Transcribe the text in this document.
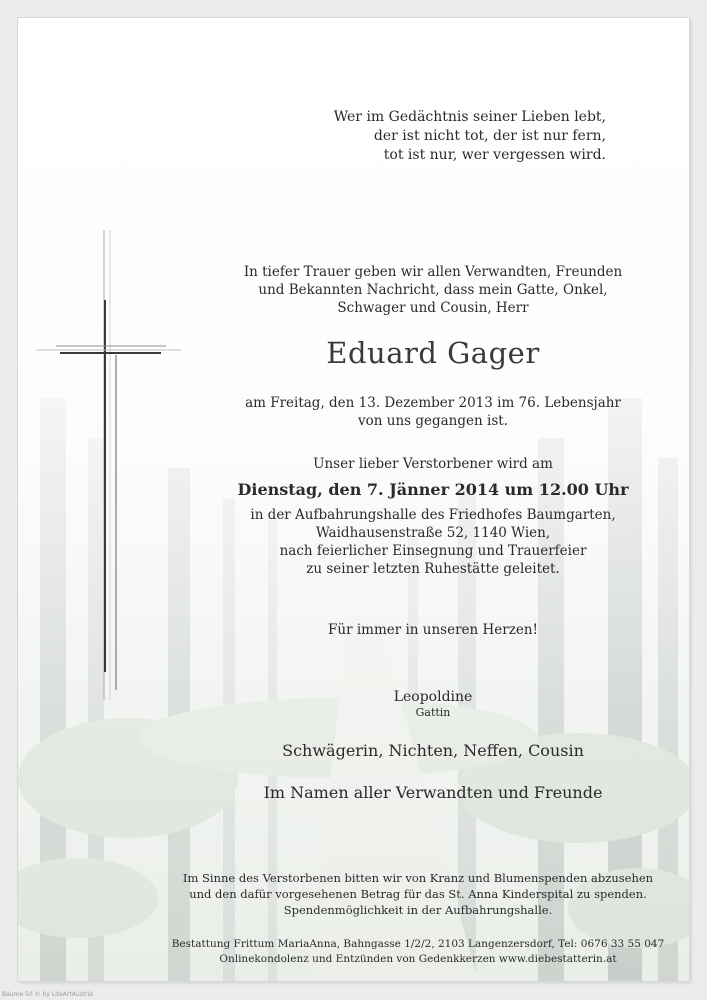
Wer im Gedächtnis seiner Lieben lebt,
der ist nicht tot, der ist nur fern,
tot ist nur, wer vergessen wird.
In tiefer Trauer geben wir allen Verwandten, Freunden
und Bekannten Nachricht, dass mein Gatte, Onkel,
Schwager und Cousin, Herr
Eduard Gager
am Freitag, den 13. Dezember 2013 im 76. Lebensjahr
von uns gegangen ist.
Unser lieber Verstorbener wird am
Dienstag, den 7. Jänner 2014 um 12.00 Uhr
in der Aufbahrungshalle des Friedhofes Baumgarten,
Waidhausenstraße 52, 1140 Wien,
nach feierlicher Einsegnung und Trauerfeier
zu seiner letzten Ruhestätte geleitet.
Für immer in unseren Herzen!
Leopoldine
Gattin
Schwägerin, Nichten, Neffen, Cousin
Im Namen aller Verwandten und Freunde
Im Sinne des Verstorbenen bitten wir von Kranz und Blumenspenden abzusehen
und den dafür vorgesehenen Betrag für das St. Anna Kinderspital zu spenden.
Spendenmöglichkeit in der Aufbahrungshalle.
Bestattung Frittum MariaAnna, Bahngasse 1/2/2, 2103 Langenzersdorf, Tel: 0676 33 55 047
Onlinekondolenz und Entzünden von Gedenkkerzen www.diebestatterin.at
Bäume 50 © by LiteArtAustria
